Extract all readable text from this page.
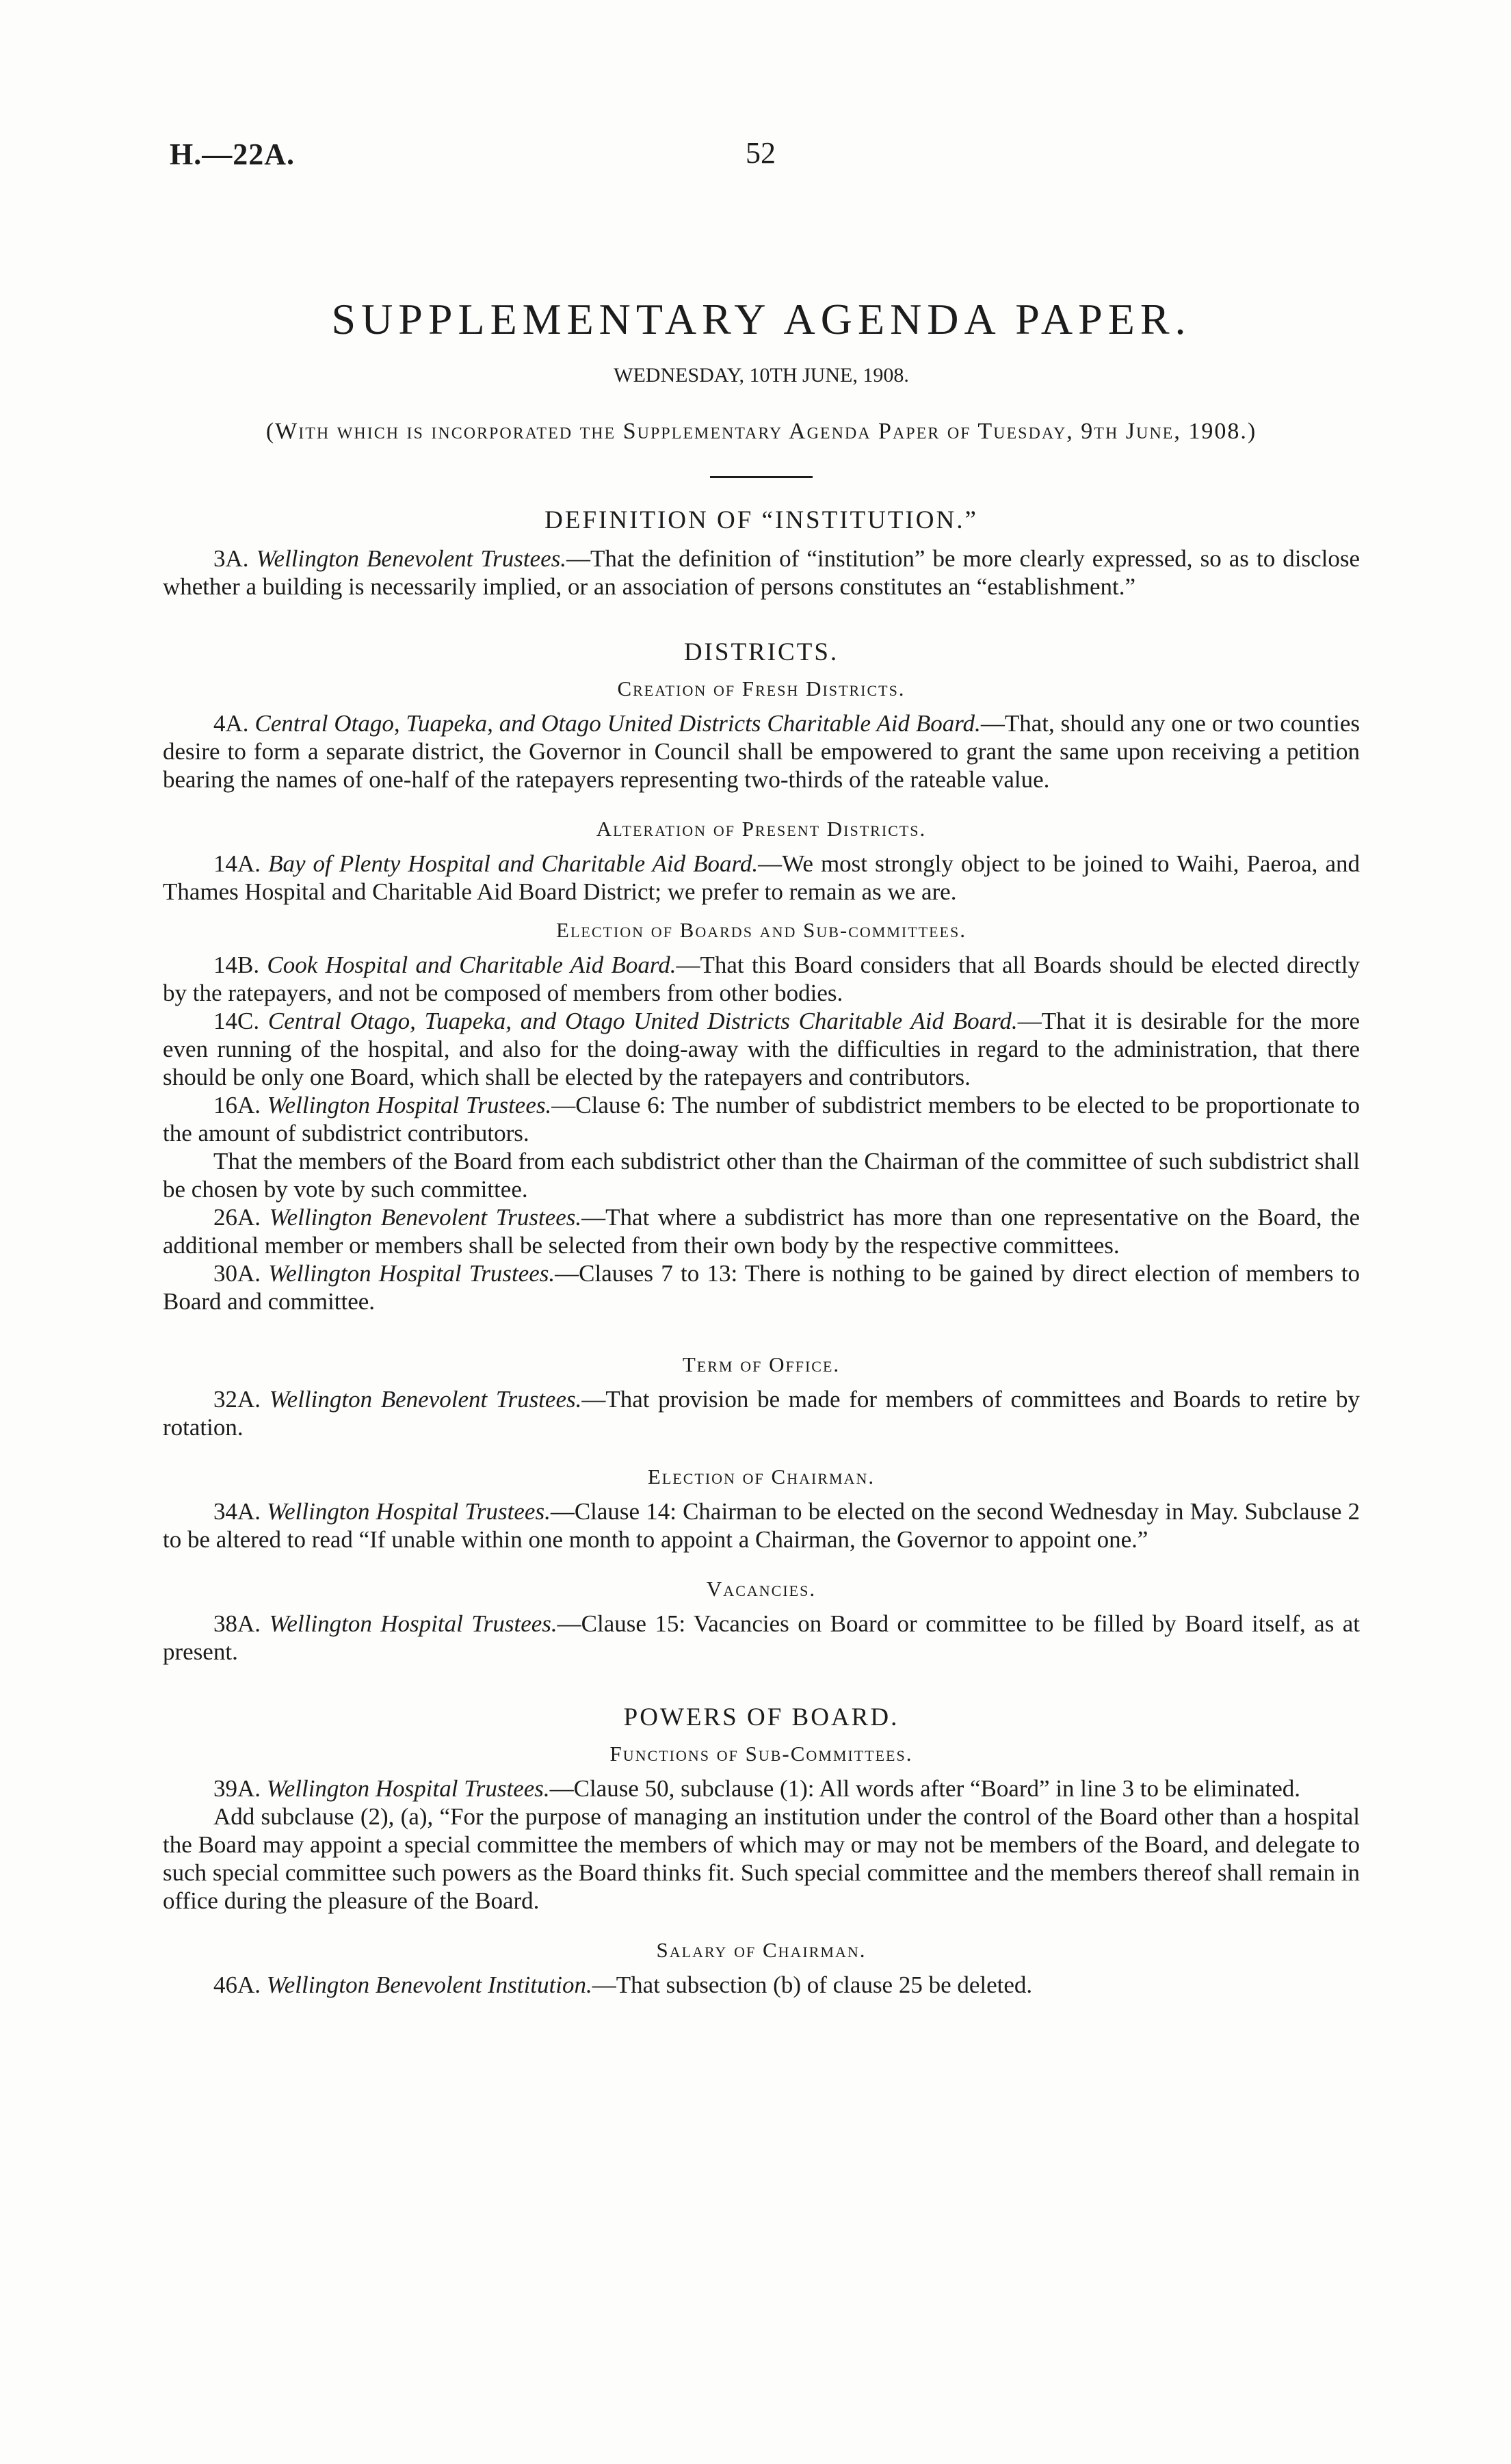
H.—22A.	52
SUPPLEMENTARY AGENDA PAPER.

WEDNESDAY, 10TH JUNE, 1908.

(With which is incorporated the Supplementary Agenda Paper of Tuesday, 9th June, 1908.)

DEFINITION OF “INSTITUTION.”

3A. Wellington Benevolent Trustees.—That the definition of “institution” be more clearly expressed, so as to disclose whether a building is necessarily implied, or an association of persons constitutes an “establishment.”

DISTRICTS.
Creation of Fresh Districts.

4A. Central Otago, Tuapeka, and Otago United Districts Charitable Aid Board.—That, should any one or two counties desire to form a separate district, the Governor in Council shall be empowered to grant the same upon receiving a petition bearing the names of one-half of the ratepayers representing two-thirds of the rateable value.

Alteration of Present Districts.

14A. Bay of Plenty Hospital and Charitable Aid Board.—We most strongly object to be joined to Waihi, Paeroa, and Thames Hospital and Charitable Aid Board District; we prefer to remain as we are.

Election of Boards and Sub-committees.

14B. Cook Hospital and Charitable Aid Board.—That this Board considers that all Boards should be elected directly by the ratepayers, and not be composed of members from other bodies.

14C. Central Otago, Tuapeka, and Otago United Districts Charitable Aid Board.—That it is desirable for the more even running of the hospital, and also for the doing-away with the difficulties in regard to the administration, that there should be only one Board, which shall be elected by the ratepayers and contributors.

16A. Wellington Hospital Trustees.—Clause 6: The number of subdistrict members to be elected to be proportionate to the amount of subdistrict contributors.

That the members of the Board from each subdistrict other than the Chairman of the committee of such subdistrict shall be chosen by vote by such committee.

26A. Wellington Benevolent Trustees.—That where a subdistrict has more than one representative on the Board, the additional member or members shall be selected from their own body by the respective committees.

30A. Wellington Hospital Trustees.—Clauses 7 to 13: There is nothing to be gained by direct election of members to Board and committee.

Term of Office.

32A. Wellington Benevolent Trustees.—That provision be made for members of committees and Boards to retire by rotation.

Election of Chairman.

34A. Wellington Hospital Trustees.—Clause 14: Chairman to be elected on the second Wednesday in May. Subclause 2 to be altered to read “If unable within one month to appoint a Chairman, the Governor to appoint one.”

Vacancies.

38A. Wellington Hospital Trustees.—Clause 15: Vacancies on Board or committee to be filled by Board itself, as at present.

POWERS OF BOARD.
Functions of Sub-Committees.

39A. Wellington Hospital Trustees.—Clause 50, subclause (1): All words after “Board” in line 3 to be eliminated.

Add subclause (2), (a), “For the purpose of managing an institution under the control of the Board other than a hospital the Board may appoint a special committee the members of which may or may not be members of the Board, and delegate to such special committee such powers as the Board thinks fit. Such special committee and the members thereof shall remain in office during the pleasure of the Board.

Salary of Chairman.

46A. Wellington Benevolent Institution.—That subsection (b) of clause 25 be deleted.
